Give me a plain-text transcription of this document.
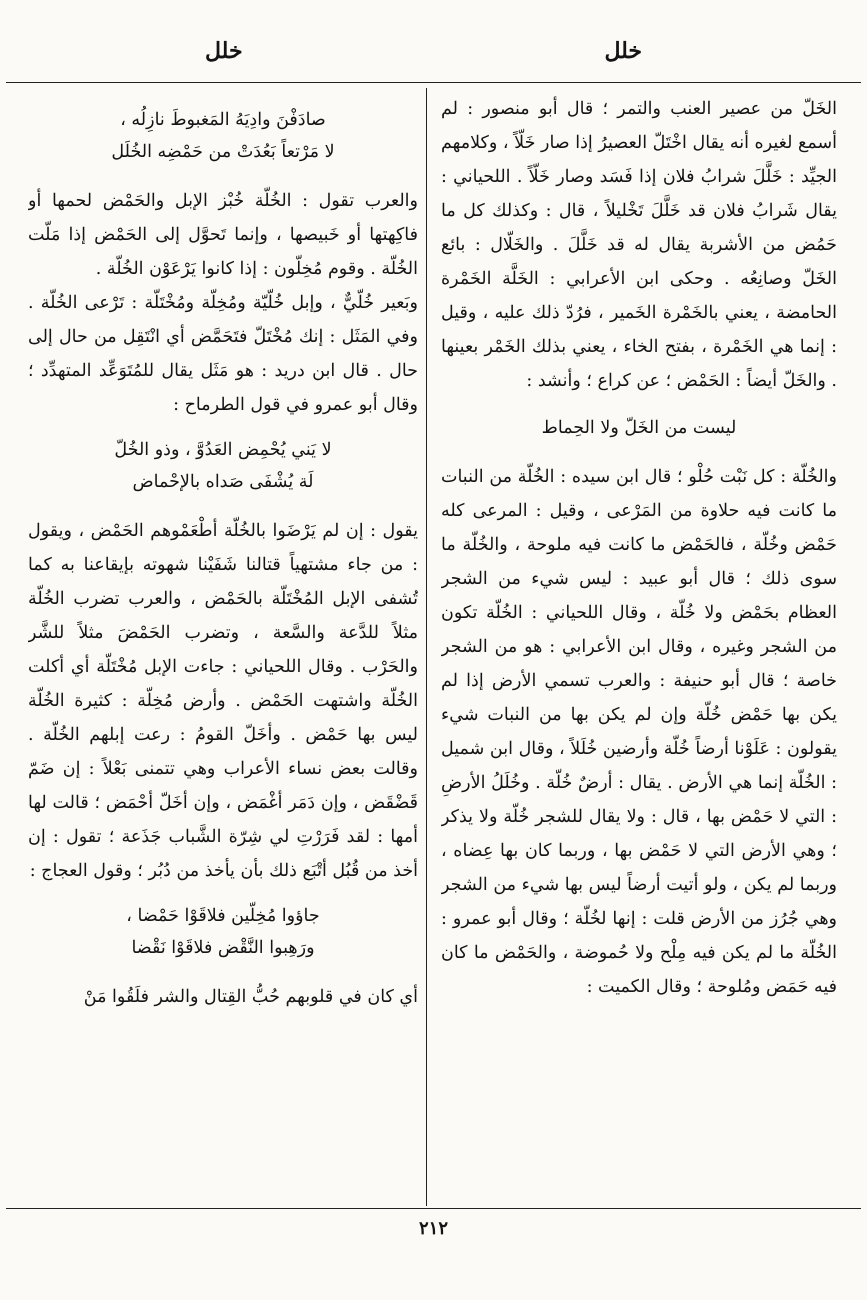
خلل
خلل

الخَلّ من عصير العنب والتمر ؛ قال أبو منصور : لم أسمع لغيره أنه يقال اخْتَلّ العصيرُ إذا صار خَلّاً ، وكلامهم الجيِّد : خَلَّلَ شرابُ فلان إذا فَسَد وصار خَلّاً . اللحياني : يقال شَرابُ فلان قد خَلَّلَ تَخْليلاً ، قال : وكذلك كل ما حَمُض من الأشربة يقال له قد خَلَّلَ . والخَلّال : بائع الخَلّ وصانِعُه . وحكى ابن الأعرابي : الخَلَّة الخَمْرة الحامضة ، يعني بالخَمْرة الخَمير ، فرُدّ ذلك عليه ، وقيل : إنما هي الخَمْرة ، بفتح الخاء ، يعني بذلك الخَمْر بعينها . والخَلّ أيضاً : الحَمْض ؛ عن كراع ؛ وأنشد :

ليست من الخَلّ ولا الحِماط

والخُلّة : كل نَبْت حُلْو ؛ قال ابن سيده : الخُلّة من النبات ما كانت فيه حلاوة من المَرْعى ، وقيل : المرعى كله حَمْض وخُلّة ، فالحَمْض ما كانت فيه ملوحة ، والخُلّة ما سوى ذلك ؛ قال أبو عبيد : ليس شيء من الشجر العظام بحَمْض ولا خُلّة ، وقال اللحياني : الخُلّة تكون من الشجر وغيره ، وقال ابن الأعرابي : هو من الشجر خاصة ؛ قال أبو حنيفة : والعرب تسمي الأرض إذا لم يكن بها حَمْض خُلّة وإن لم يكن بها من النبات شيء يقولون : عَلَوْنا أرضاً خُلّة وأرضين خُلَلاً ، وقال ابن شميل : الخُلّة إنما هي الأرض . يقال : أرضٌ خُلّة . وخُلَلُ الأرضِ : التي لا حَمْض بها ، قال : ولا يقال للشجر خُلّة ولا يذكر ؛ وهي الأرض التي لا حَمْض بها ، وربما كان بها عِضاه ، وربما لم يكن ، ولو أتيت أرضاً ليس بها شيء من الشجر وهي جُرُز من الأرض قلت : إنها لخُلّة ؛ وقال أبو عمرو : الخُلّة ما لم يكن فيه مِلْح ولا حُموضة ، والحَمْض ما كان فيه حَمَض ومُلوحة ؛ وقال الكميت :

صادَفْنَ وادِيَهُ المَغبوطَ نازِلُه ،

لا مَرْتعاً بَعُدَتْ من حَمْضِه الخُلَل

والعرب تقول : الخُلّة خُبْز الإبل والحَمْض لحمها أو فاكِهتها أو خَبيصها ، وإنما تَحوَّل إلى الحَمْض إذا مَلّت الخُلّة . وقوم مُخِلّون : إذا كانوا يَرْعَوْن الخُلّة .

وبَعير خُلّيٌّ ، وإبل خُلّيّة ومُخِلّة ومُخْتَلّة : تَرْعى الخُلّة . وفي المَثَل : إنك مُخْتَلّ فتَحَمَّض أي انْتَقِل من حال إلى حال . قال ابن دريد : هو مَثَل يقال للمُتَوَعِّد المتهدِّد ؛ وقال أبو عمرو في قول الطرماح :

لا يَني يُحْمِض العَدُوَّ ، وذو الخُلّ

لَة يُشْفَى صَداه بالإحْماض

يقول : إن لم يَرْضَوا بالخُلّة أطْعَمْوهم الحَمْض ، ويقول : من جاء مشتهياً قتالنا شَفَيْنا شهوته بإيقاعنا به كما تُشفى الإبل المُخْتَلّة بالحَمْض ، والعرب تضرب الخُلّة مثلاً للدَّعة والسَّعة ، وتضرب الحَمْضَ مثلاً للشَّر والحَرْب . وقال اللحياني : جاءت الإبل مُخْتَلّة أي أكلت الخُلّة واشتهت الحَمْض . وأرض مُخِلّة : كثيرة الخُلّة ليس بها حَمْض . وأخَلّ القومُ : رعت إبلهم الخُلّة . وقالت بعض نساء الأعراب وهي تتمنى بَعْلاً : إن ضَمّ قَضْقَض ، وإن دَمَر أغْمَض ، وإن أخَلّ أحْمَض ؛ قالت لها أمها : لقد فَرَرْتِ لي شِرّة الشَّباب جَذَعة ؛ تقول : إن أخذ من قُبُل أتْبَع ذلك بأن يأخذ من دُبُر ؛ وقول العجاج :

جاؤوا مُخِلّين فلاقَوْا حَمْضا ،

ورَهِبوا النَّقْض فلاقَوْا نَقْضا

أي كان في قلوبهم حُبُّ القِتال والشر فلَقُوا مَنْ

٢١٢
